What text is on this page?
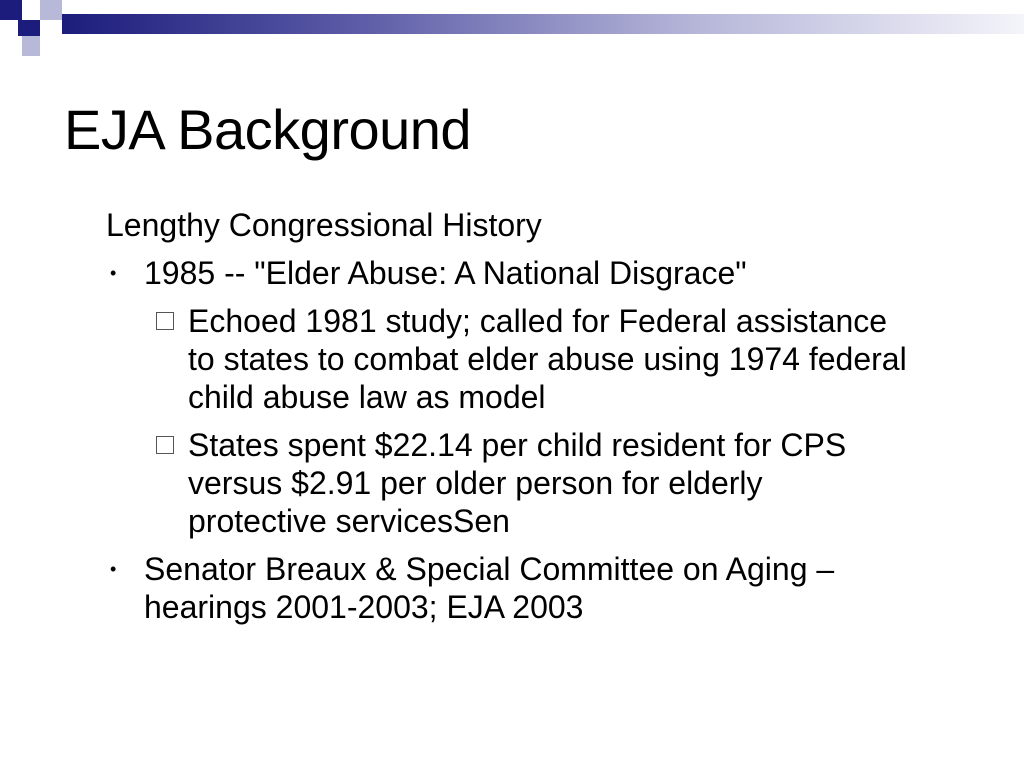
EJA Background
Lengthy Congressional History
• 1985 -- "Elder Abuse: A National Disgrace"
Echoed 1981 study; called for Federal assistance to states to combat elder abuse using 1974 federal child abuse law as model
States spent $22.14 per child resident for CPS versus $2.91 per older person for elderly protective servicesSen
• Senator Breaux & Special Committee on Aging – hearings 2001-2003; EJA 2003
